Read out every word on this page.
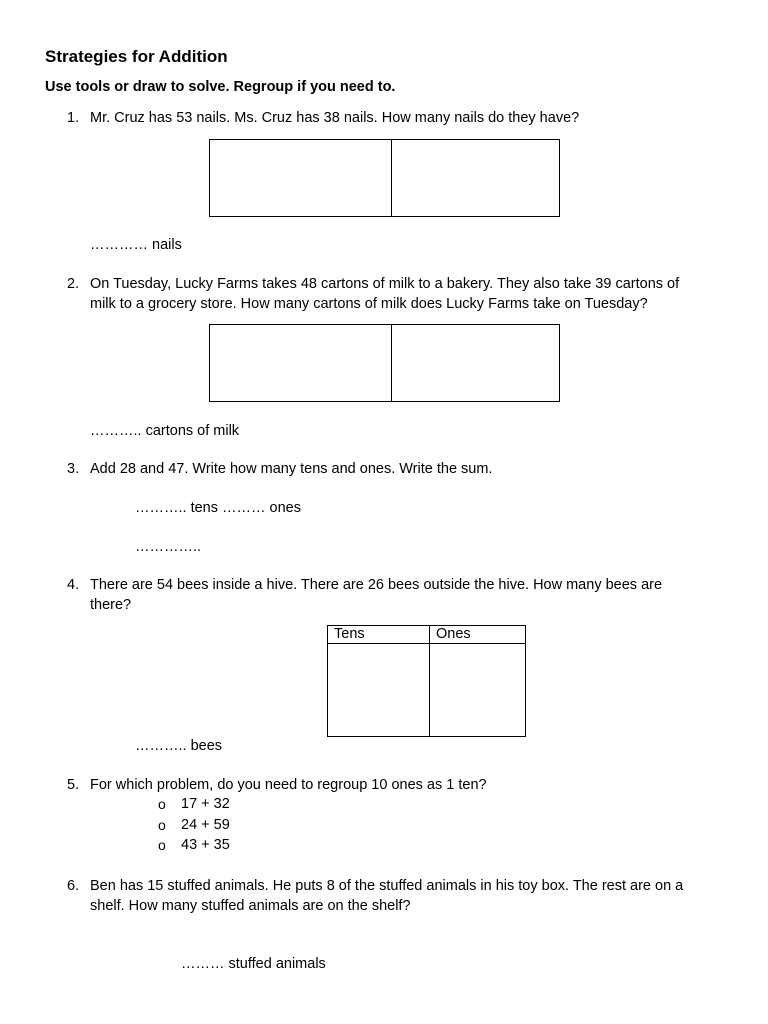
Strategies for Addition
Use tools or draw to solve. Regroup if you need to.
1. Mr. Cruz has 53 nails. Ms. Cruz has 38 nails. How many nails do they have?
………… nails
2. On Tuesday, Lucky Farms takes 48 cartons of milk to a bakery. They also take 39 cartons of
milk to a grocery store. How many cartons of milk does Lucky Farms take on Tuesday?
……….. cartons of milk
3. Add 28 and 47. Write how many tens and ones. Write the sum.
……….. tens ……… ones
…………..
4. There are 54 bees inside a hive. There are 26 bees outside the hive. How many bees are
there?
Tens	Ones

……….. bees
5. For which problem, do you need to regroup 10 ones as 1 ten?
o 17 + 32
o 24 + 59
o 43 + 35
6. Ben has 15 stuffed animals. He puts 8 of the stuffed animals in his toy box. The rest are on a
shelf. How many stuffed animals are on the shelf?
……… stuffed animals
